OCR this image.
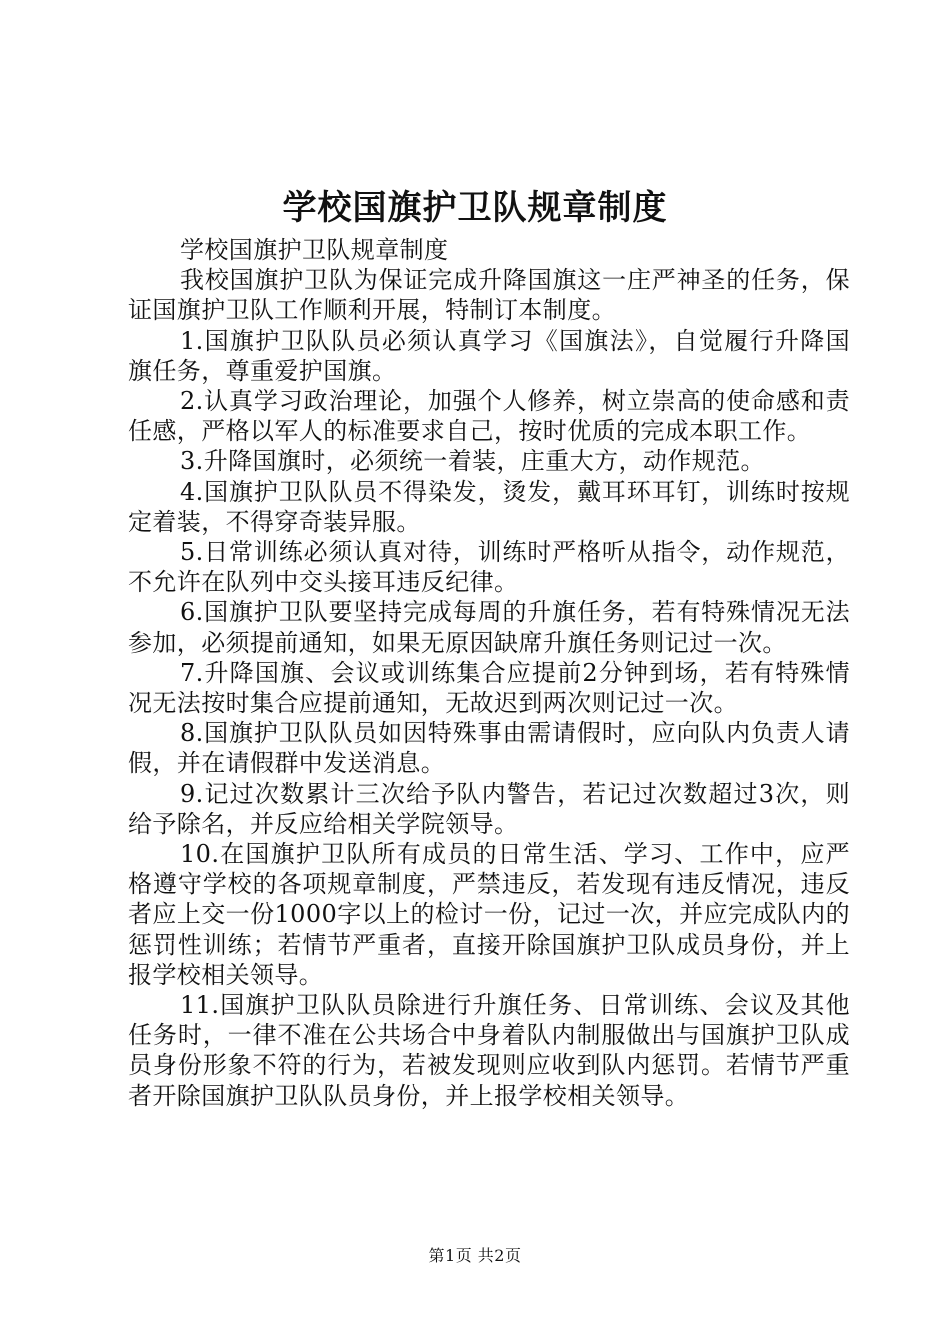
学校国旗护卫队规章制度

学校国旗护卫队规章制度

我校国旗护卫队为保证完成升降国旗这一庄严神圣的任务，保证国旗护卫队工作顺利开展，特制订本制度。

1.国旗护卫队队员必须认真学习《国旗法》，自觉履行升降国旗任务，尊重爱护国旗。

2.认真学习政治理论，加强个人修养，树立崇高的使命感和责任感，严格以军人的标准要求自己，按时优质的完成本职工作。

3.升降国旗时，必须统一着装，庄重大方，动作规范。

4.国旗护卫队队员不得染发，烫发，戴耳环耳钉，训练时按规定着装，不得穿奇装异服。

5.日常训练必须认真对待，训练时严格听从指令，动作规范，不允许在队列中交头接耳违反纪律。

6.国旗护卫队要坚持完成每周的升旗任务，若有特殊情况无法参加，必须提前通知，如果无原因缺席升旗任务则记过一次。

7.升降国旗、会议或训练集合应提前2分钟到场，若有特殊情况无法按时集合应提前通知，无故迟到两次则记过一次。

8.国旗护卫队队员如因特殊事由需请假时，应向队内负责人请假，并在请假群中发送消息。

9.记过次数累计三次给予队内警告，若记过次数超过3次，则给予除名，并反应给相关学院领导。

10.在国旗护卫队所有成员的日常生活、学习、工作中，应严格遵守学校的各项规章制度，严禁违反，若发现有违反情况，违反者应上交一份1000字以上的检讨一份，记过一次，并应完成队内的惩罚性训练；若情节严重者，直接开除国旗护卫队成员身份，并上报学校相关领导。

11.国旗护卫队队员除进行升旗任务、日常训练、会议及其他任务时，一律不准在公共场合中身着队内制服做出与国旗护卫队成员身份形象不符的行为，若被发现则应收到队内惩罚。若情节严重者开除国旗护卫队队员身份，并上报学校相关领导。

第1页 共2页
